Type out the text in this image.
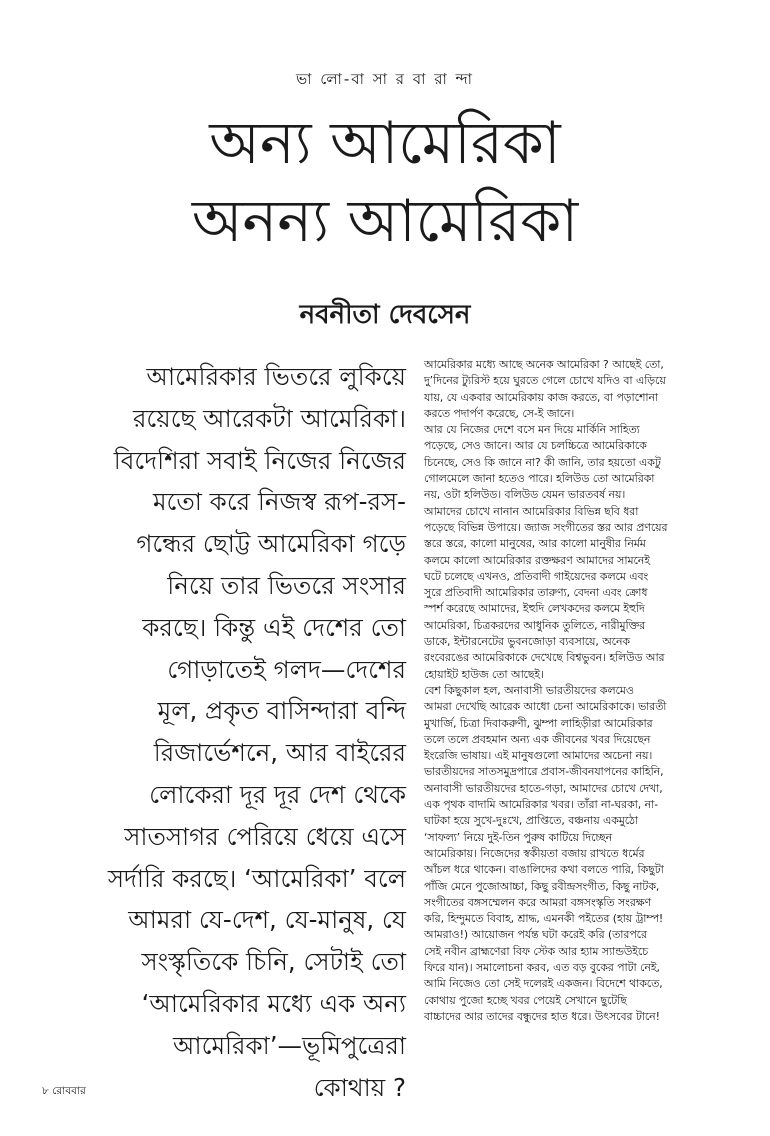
ভা লো-বা সা র বা রা ন্দা
অন্য আমেরিকা
অনন্য আমেরিকা
নবনীতা দেবসেন
আমেরিকার ভিতরে লুকিয়ে
রয়েছে আরেকটা আমেরিকা।
বিদেশিরা সবাই নিজের নিজের
মতো করে নিজস্ব রূপ-রস-
গন্ধের ছোট্ট আমেরিকা গড়ে
নিয়ে তার ভিতরে সংসার
করছে। কিন্তু এই দেশের তো
গোড়াতেই গলদ—দেশের
মূল, প্রকৃত বাসিন্দারা বন্দি
রিজার্ভেশনে, আর বাইরের
লোকেরা দূর দূর দেশ থেকে
সাতসাগর পেরিয়ে ধেয়ে এসে
সর্দারি করছে। ‘আমেরিকা’ বলে
আমরা যে-দেশ, যে-মানুষ, যে
সংস্কৃতিকে চিনি, সেটাই তো
‘আমেরিকার মধ্যে এক অন্য
আমেরিকা’—ভূমিপুত্রেরা
কোথায় ?
আমেরিকার মধ্যে আছে অনেক আমেরিকা ? আছেই তো,
দু’দিনের ট্যুরিস্ট হয়ে ঘুরতে গেলে চোখে যদিও বা এড়িয়ে
যায়, যে একবার আমেরিকায় কাজ করতে, বা পড়াশোনা
করতে পদার্পণ করেছে, সে-ই জানে।
আর যে নিজের দেশে বসে মন দিয়ে মার্কিনি সাহিত্য
পড়েছে, সেও জানে। আর যে চলচ্চিত্রে আমেরিকাকে
চিনেছে, সেও কি জানে না? কী জানি, তার হয়তো একটু
গোলমেলে জানা হতেও পারে। হলিউড তো আমেরিকা
নয়, ওটা হলিউড। বলিউড যেমন ভারতবর্ষ নয়।
আমাদের চোখে নানান আমেরিকার বিভিন্ন ছবি ধরা
পড়েছে বিভিন্ন উপায়ে। জ্যাজ সংগীতের স্তর আর প্রণয়ের
স্তরে স্তরে, কালো মানুষের, আর কালো মানুষীর নির্মম
কলমে কালো আমেরিকার রক্তক্ষরণ আমাদের সামনেই
ঘটে চলেছে এখনও, প্রতিবাদী গাইয়েদের কলমে এবং
সুরে প্রতিবাদী আমেরিকার তারুণ্য, বেদনা এবং ক্রোধ
স্পর্শ করেছে আমাদের, ইহুদি লেখকদের কলমে ইহুদি
আমেরিকা, চিত্রকরদের আধুনিক তুলিতে, নারীমুক্তির
ডাকে, ইন্টারনেটের ভুবনজোড়া ব্যবসায়ে, অনেক
রংবেরঙের আমেরিকাকে দেখেছে বিশ্বভুবন। হলিউড আর
হোয়াইট হাউজ তো আছেই।
বেশ কিছুকাল হল, অনাবাসী ভারতীয়দের কলমেও
আমরা দেখেছি আরেক আধো চেনা আমেরিকাকে। ভারতী
মুখার্জি, চিত্রা দিবাকরুণী, ঝুম্পা লাহিড়ীরা আমেরিকার
তলে তলে প্রবহমান অন্য এক জীবনের খবর দিয়েছেন
ইংরেজি ভাষায়। এই মানুষগুলো আমাদের অচেনা নয়।
ভারতীয়দের সাতসমুদ্রপারে প্রবাস-জীবনযাপনের কাহিনি,
অনাবাসী ভারতীয়দের হাতে-গড়া, আমাদের চোখে দেখা,
এক পৃথক বাদামি আমেরিকার খবর। তাঁরা না-ঘরকা, না-
ঘাটকা হয়ে সুখে-দুঃখে, প্রাপ্তিতে, বঞ্চনায় একমুঠো
‘সাফল্য’ নিয়ে দুই-তিন পুরুষ কাটিয়ে দিচ্ছেন
আমেরিকায়। নিজেদের স্বকীয়তা বজায় রাখতে ধর্মের
আঁচল ধরে থাকেন। বাঙালিদের কথা বলতে পারি, কিছুটা
পাঁজি মেনে পুজোআচ্চা, কিছু রবীন্দ্রসংগীত, কিছু নাটক,
সংগীতের বঙ্গসম্মেলন করে আমরা বঙ্গসংস্কৃতি সংরক্ষণ
করি, হিন্দুমতে বিবাহ, শ্রাদ্ধ, এমনকী পইতের (হায় ট্রাম্প!
আমরাও!) আয়োজন পর্যন্ত ঘটা করেই করি (তারপরে
সেই নবীন ব্রাহ্মণেরা বিফ স্টেক আর হ্যাম স্যান্ডউইচে
ফিরে যান)। সমালোচনা করব, এত বড় বুকের পাটা নেই,
আমি নিজেও তো সেই দলেরই একজন। বিদেশে থাকতে,
কোথায় পুজো হচ্ছে খবর পেয়েই সেখানে ছুটেছি
বাচ্চাদের আর তাদের বন্ধুদের হাত ধরে। উৎসবের টানে!
৮ রোববার
